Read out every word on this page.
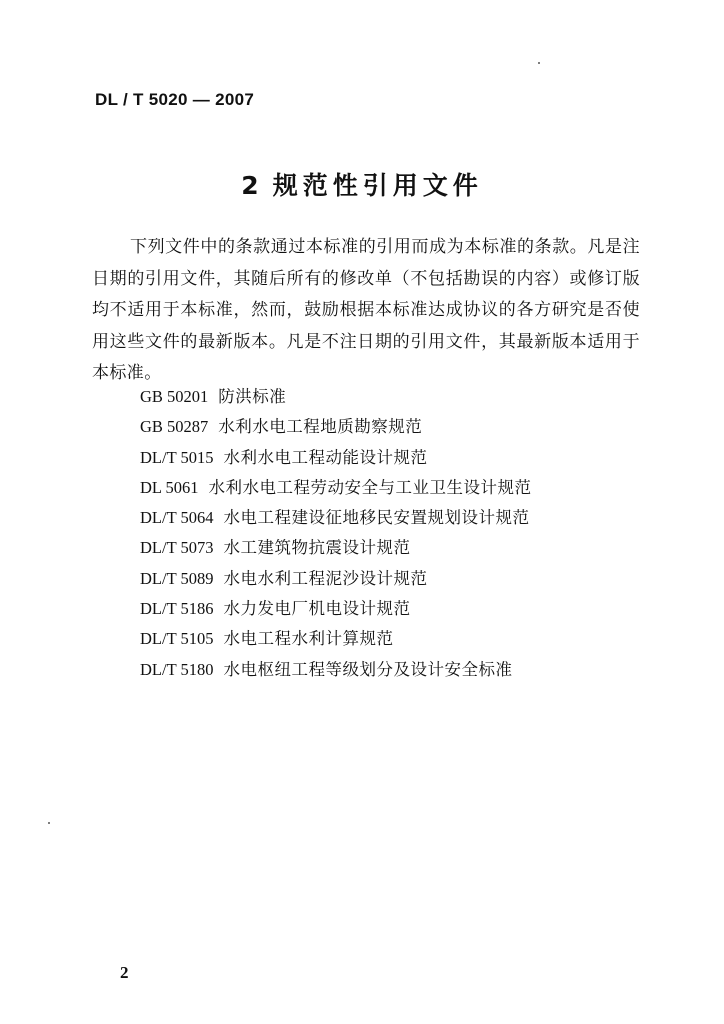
DL / T 5020 — 2007
2 规范性引用文件
下列文件中的条款通过本标准的引用而成为本标准的条款。凡是注日期的引用文件，其随后所有的修改单（不包括勘误的内容）或修订版均不适用于本标准，然而，鼓励根据本标准达成协议的各方研究是否使用这些文件的最新版本。凡是不注日期的引用文件，其最新版本适用于本标准。
GB 50201 防洪标准
GB 50287 水利水电工程地质勘察规范
DL/T 5015 水利水电工程动能设计规范
DL 5061 水利水电工程劳动安全与工业卫生设计规范
DL/T 5064 水电工程建设征地移民安置规划设计规范
DL/T 5073 水工建筑物抗震设计规范
DL/T 5089 水电水利工程泥沙设计规范
DL/T 5186 水力发电厂机电设计规范
DL/T 5105 水电工程水利计算规范
DL/T 5180 水电枢纽工程等级划分及设计安全标准
2
